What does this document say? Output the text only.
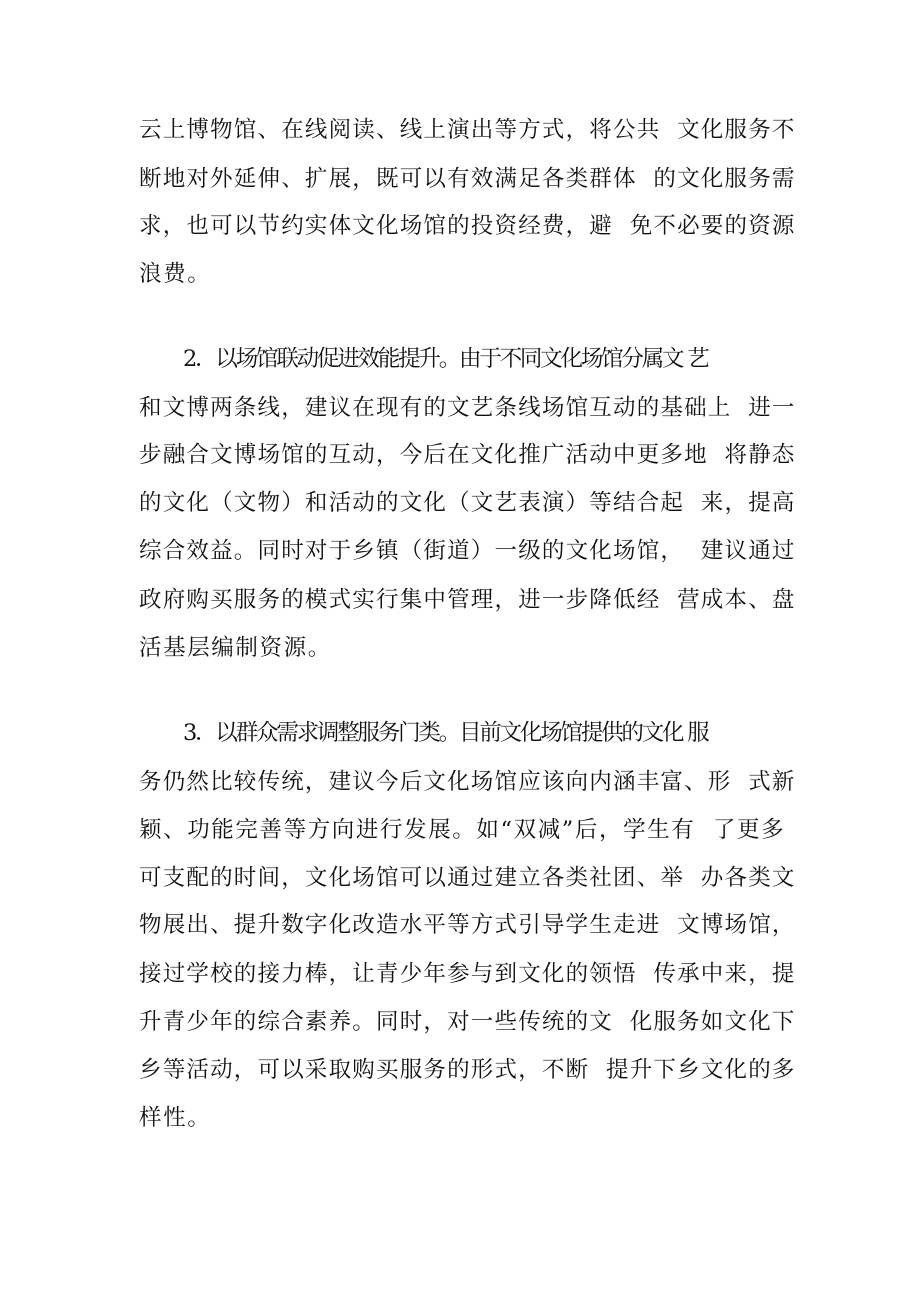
云上博物馆、在线阅读、线上演出等方式，将公共  文化服务不
断地对外延伸、扩展，既可以有效满足各类群体  的文化服务需
求，也可以节约实体文化场馆的投资经费，避  免不必要的资源
浪费。
2．以场馆联动促进效能提升。由于不同文化场馆分属文 艺
和文博两条线，建议在现有的文艺条线场馆互动的基础上  进一
步融合文博场馆的互动，今后在文化推广活动中更多地  将静态
的文化（文物）和活动的文化（文艺表演）等结合起  来，提高
综合效益。同时对于乡镇（街道）一级的文化场馆，  建议通过
政府购买服务的模式实行集中管理，进一步降低经  营成本、盘
活基层编制资源。
3．以群众需求调整服务门类。目前文化场馆提供的文化 服
务仍然比较传统，建议今后文化场馆应该向内涵丰富、形  式新
颖、功能完善等方向进行发展。如“双减”后，学生有  了更多
可支配的时间，文化场馆可以通过建立各类社团、举  办各类文
物展出、提升数字化改造水平等方式引导学生走进  文博场馆，
接过学校的接力棒，让青少年参与到文化的领悟  传承中来，提
升青少年的综合素养。同时，对一些传统的文  化服务如文化下
乡等活动，可以采取购买服务的形式，不断  提升下乡文化的多
样性。
